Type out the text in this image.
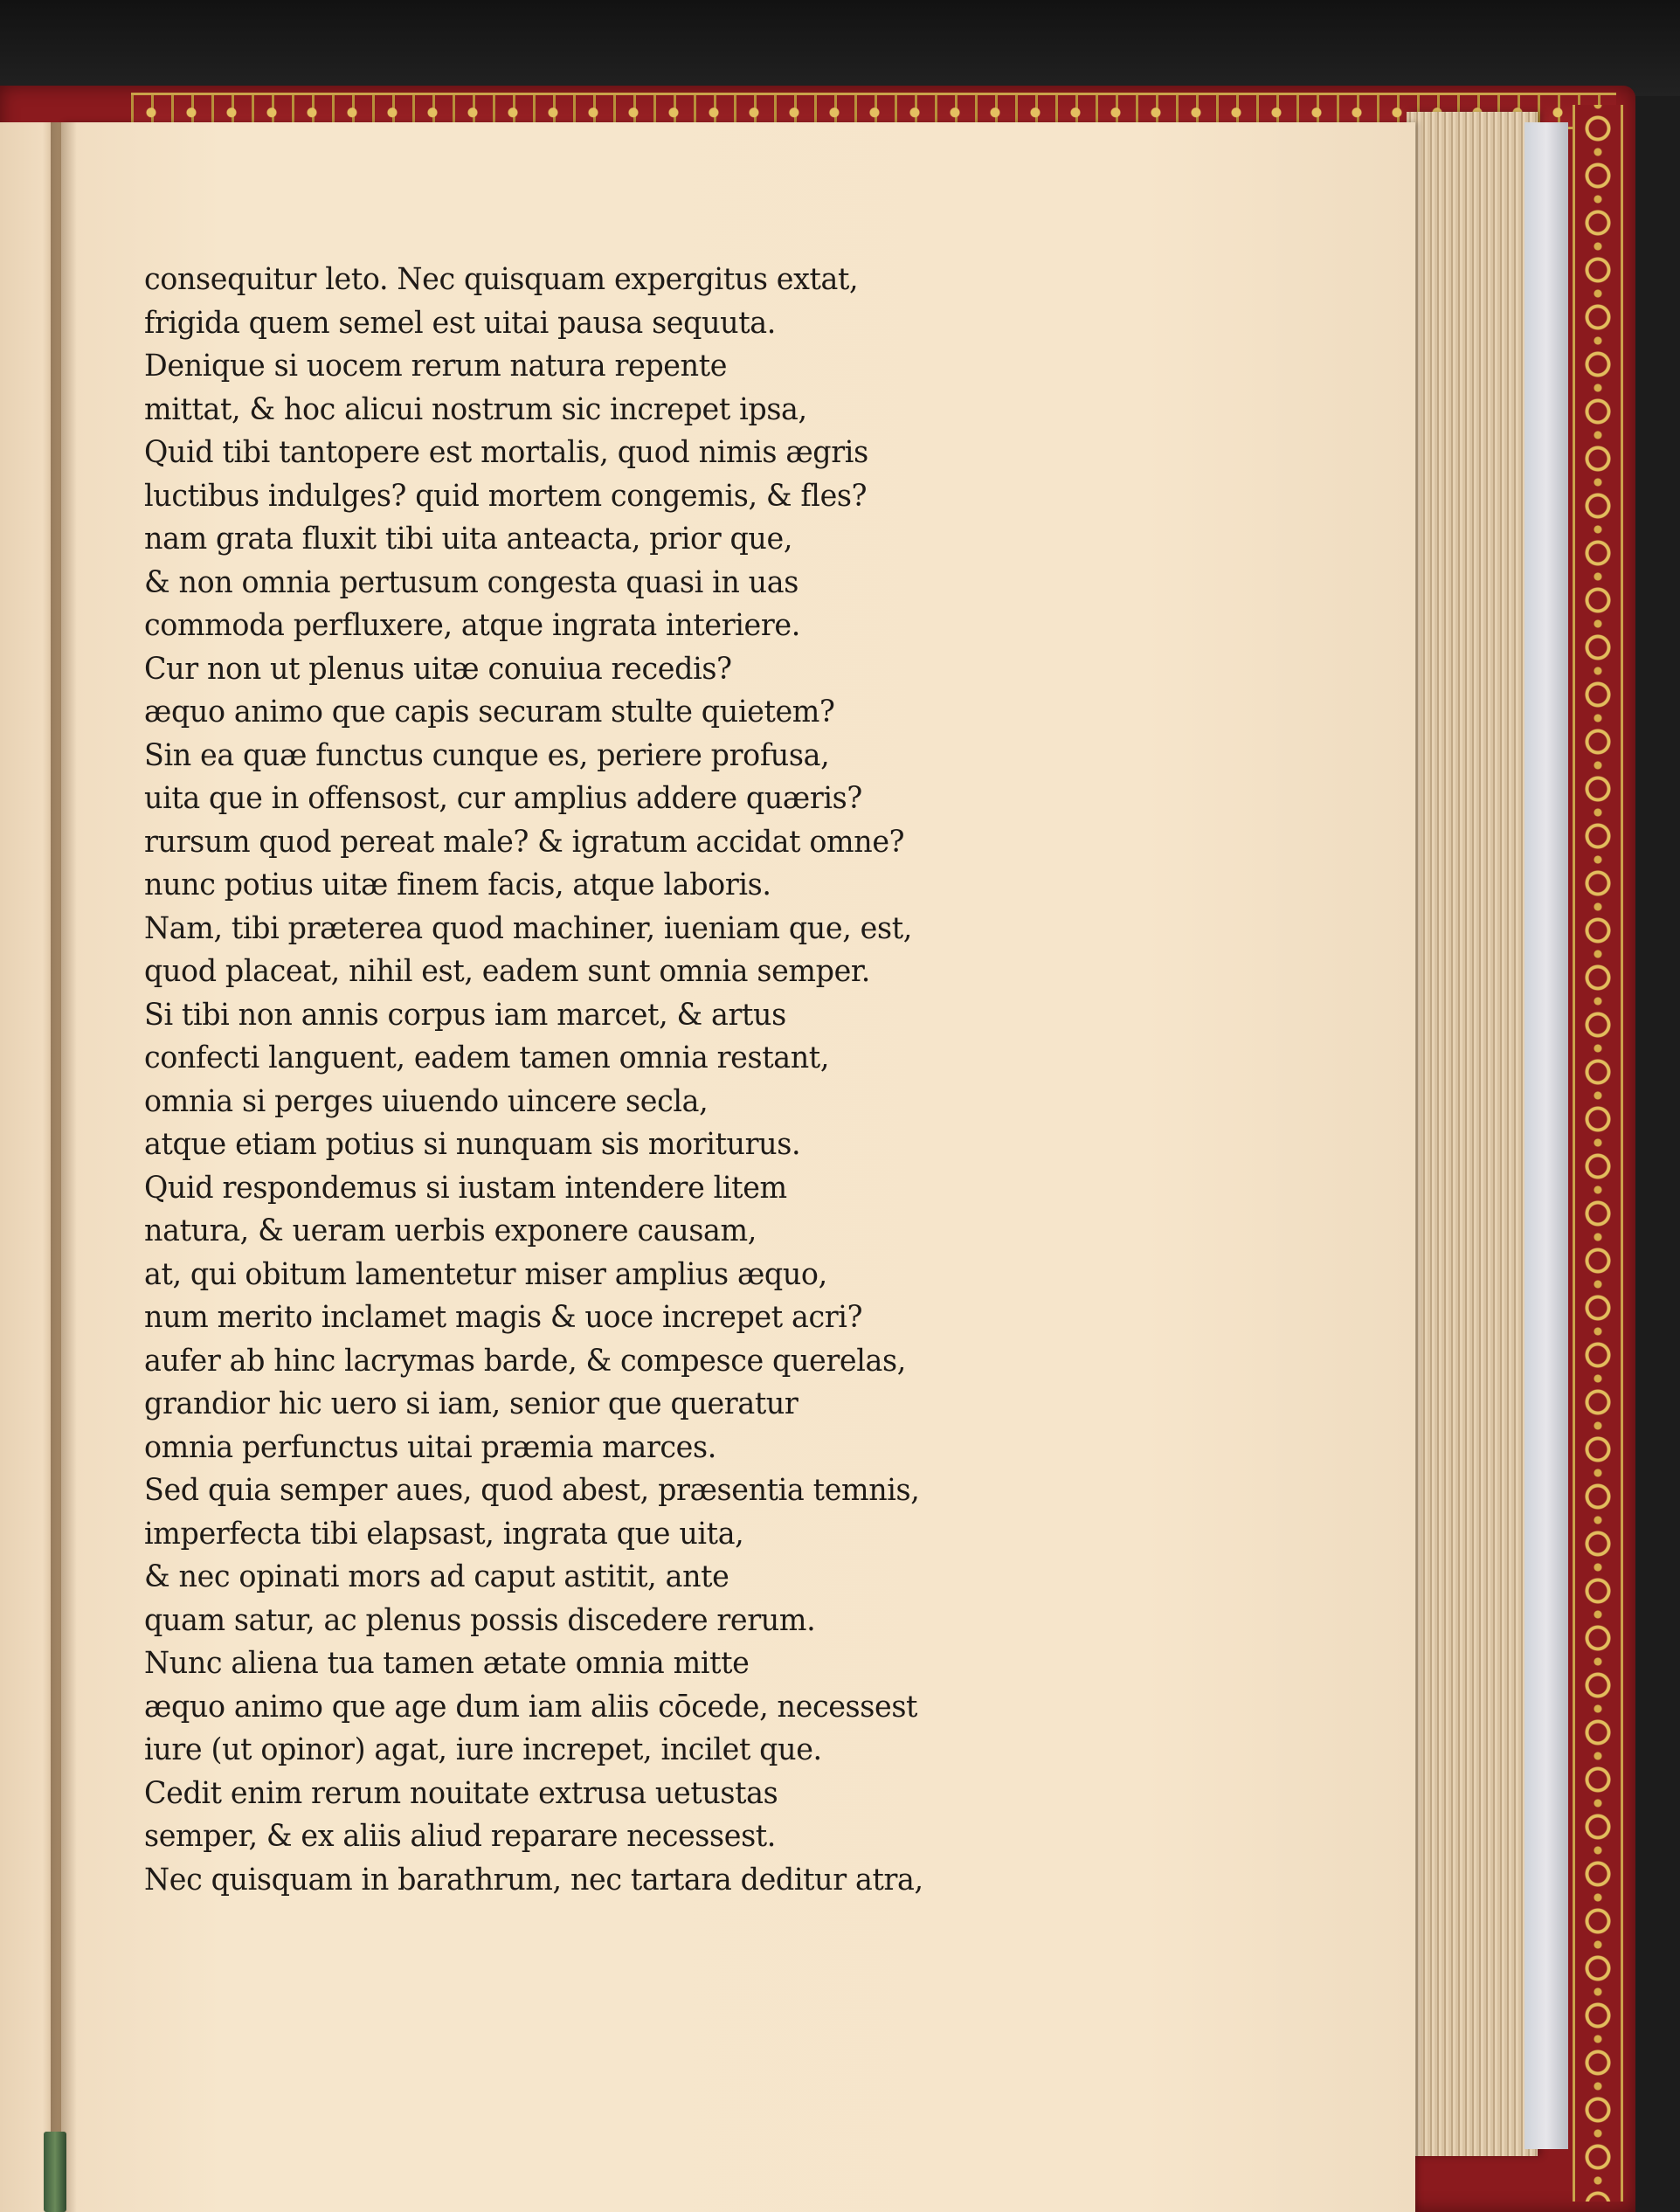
consequitur leto. Nec quisquam expergitus extat,
frigida quem semel est uitai pausa sequuta.
Denique si uocem rerum natura repente
mittat, & hoc alicui nostrum sic increpet ipsa,
Quid tibi tantopere est mortalis, quod nimis ægris
luctibus indulges? quid mortem congemis, & fles?
nam grata fluxit tibi uita anteacta, prior que,
& non omnia pertusum congesta quasi in uas
commoda perfluxere, atque ingrata interiere.
Cur non ut plenus uitæ conuiua recedis?
æquo animo que capis securam stulte quietem?
Sin ea quæ functus cunque es, periere profusa,
uita que in offensost, cur amplius addere quæris?
rursum quod pereat male? & igratum accidat omne?
nunc potius uitæ finem facis, atque laboris.
Nam, tibi præterea quod machiner, iueniam que, est,
quod placeat, nihil est, eadem sunt omnia semper.
Si tibi non annis corpus iam marcet, & artus
confecti languent, eadem tamen omnia restant,
omnia si perges uiuendo uincere secla,
atque etiam potius si nunquam sis moriturus.
Quid respondemus si iustam intendere litem
natura, & ueram uerbis exponere causam,
at, qui obitum lamentetur miser amplius æquo,
num merito inclamet magis & uoce increpet acri?
aufer ab hinc lacrymas barde, & compesce querelas,
grandior hic uero si iam, senior que queratur
omnia perfunctus uitai præmia marces.
Sed quia semper aues, quod abest, præsentia temnis,
imperfecta tibi elapsast, ingrata que uita,
& nec opinati mors ad caput astitit, ante
quam satur, ac plenus possis discedere rerum.
Nunc aliena tua tamen ætate omnia mitte
æquo animo que age dum iam aliis cōcede, necessest
iure (ut opinor) agat, iure increpet, incilet que.
Cedit enim rerum nouitate extrusa uetustas
semper, & ex aliis aliud reparare necessest.
Nec quisquam in barathrum, nec tartara deditur atra,
